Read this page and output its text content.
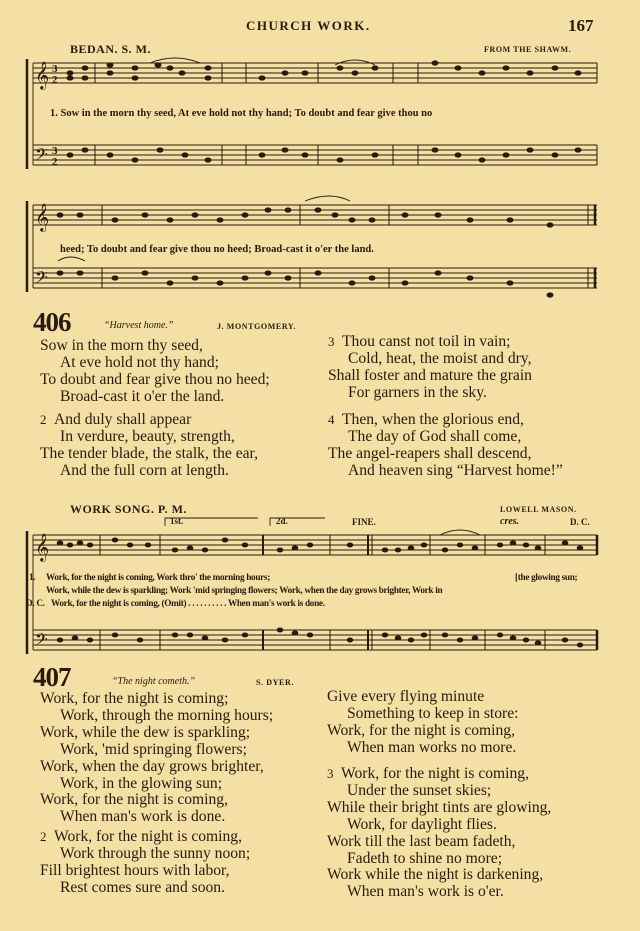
CHURCH WORK.	167
BEDAN. S. M.	FROM THE SHAWM.
𝄞
𝄞
𝄢
𝄢
3
2
3
2
1. Sow in the morn thy seed, At eve hold not thy hand; To doubt and fear give thou no
heed; To doubt and fear give thou no heed; Broad-cast it o'er the land.
406	“Harvest home.”	J. MONTGOMERY.
Sow in the morn thy seed,
At eve hold not thy hand;
To doubt and fear give thou no heed;
Broad-cast it o'er the land.
2 And duly shall appear
In verdure, beauty, strength,
The tender blade, the stalk, the ear,
And the full corn at length.
3 Thou canst not toil in vain;
Cold, heat, the moist and dry,
Shall foster and mature the grain
For garners in the sky.
4 Then, when the glorious end,
The day of God shall come,
The angel-reapers shall descend,
And heaven sing “Harvest home!”
WORK SONG. P. M.	LOWELL MASON.
1st.	2d.	FINE.	cres.	D. C.
𝄞
𝄢
1. Work, for the night is coming, Work thro' the morning hours;	[the glowing sun;
Work, while the dew is sparkling; Work 'mid springing flowers; Work, when the day grows brighter, Work in
D. C. Work, for the night is coming, (Omit) . . . . . . . . . . When man's work is done.
407	“The night cometh.”	S. DYER.
Work, for the night is coming;
Work, through the morning hours;
Work, while the dew is sparkling;
Work, 'mid springing flowers;
Work, when the day grows brighter,
Work, in the glowing sun;
Work, for the night is coming,
When man's work is done.
2 Work, for the night is coming,
Work through the sunny noon;
Fill brightest hours with labor,
Rest comes sure and soon.
Give every flying minute
Something to keep in store:
Work, for the night is coming,
When man works no more.
3 Work, for the night is coming,
Under the sunset skies;
While their bright tints are glowing,
Work, for daylight flies.
Work till the last beam fadeth,
Fadeth to shine no more;
Work while the night is darkening,
When man's work is o'er.
